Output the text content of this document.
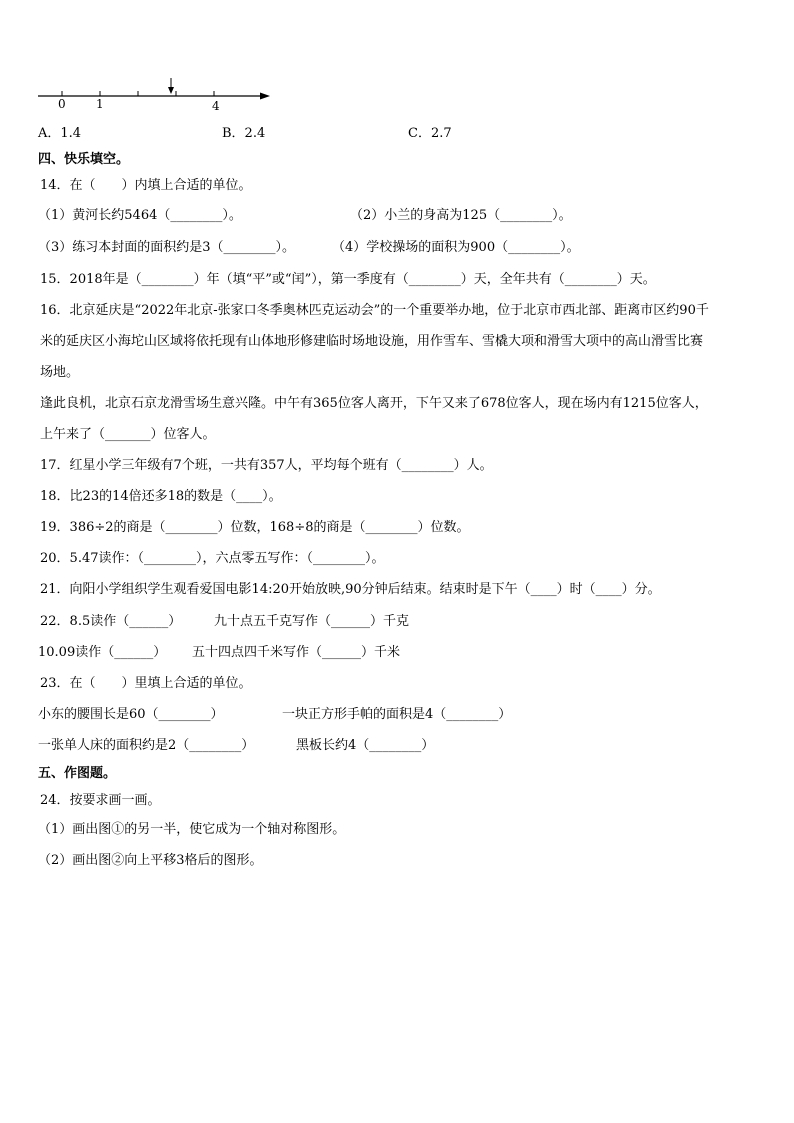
0	1	4
A．1.4	B．2.4	C．2.7
四、快乐填空。
14．在（　　）内填上合适的单位。
（1）黄河长约5464（________）。	（2）小兰的身高为125（________）。
（3）练习本封面的面积约是3（________）。	（4）学校操场的面积为900（________）。
15．2018年是（________）年（填“平”或“闰”），第一季度有（________）天，全年共有（________）天。
16．北京延庆是“2022年北京-张家口冬季奥林匹克运动会”的一个重要举办地，位于北京市西北部、距离市区约90千
米的延庆区小海坨山区域将依托现有山体地形修建临时场地设施，用作雪车、雪橇大项和滑雪大项中的高山滑雪比赛
场地。
逢此良机，北京石京龙滑雪场生意兴隆。中午有365位客人离开，下午又来了678位客人，现在场内有1215位客人，
上午来了（_______）位客人。
17．红星小学三年级有7个班，一共有357人，平均每个班有（________）人。
18．比23的14倍还多18的数是（____）。
19．386÷2的商是（________）位数，168÷8的商是（________）位数。
20．5.47读作：（________），六点零五写作：（________）。
21．向阳小学组织学生观看爱国电影14:20开始放映,90分钟后结束。结束时是下午（____）时（____）分。
22．8.5读作（______）	九十点五千克写作（______）千克
10.09读作（______） 五十四点四千米写作（______）千米
23．在（　　）里填上合适的单位。
小东的腰围长是60（________）	一块正方形手帕的面积是4（________）
一张单人床的面积约是2（________）	黑板长约4（________）
五、作图题。
24．按要求画一画。
（1）画出图①的另一半，使它成为一个轴对称图形。
（2）画出图②向上平移3格后的图形。
